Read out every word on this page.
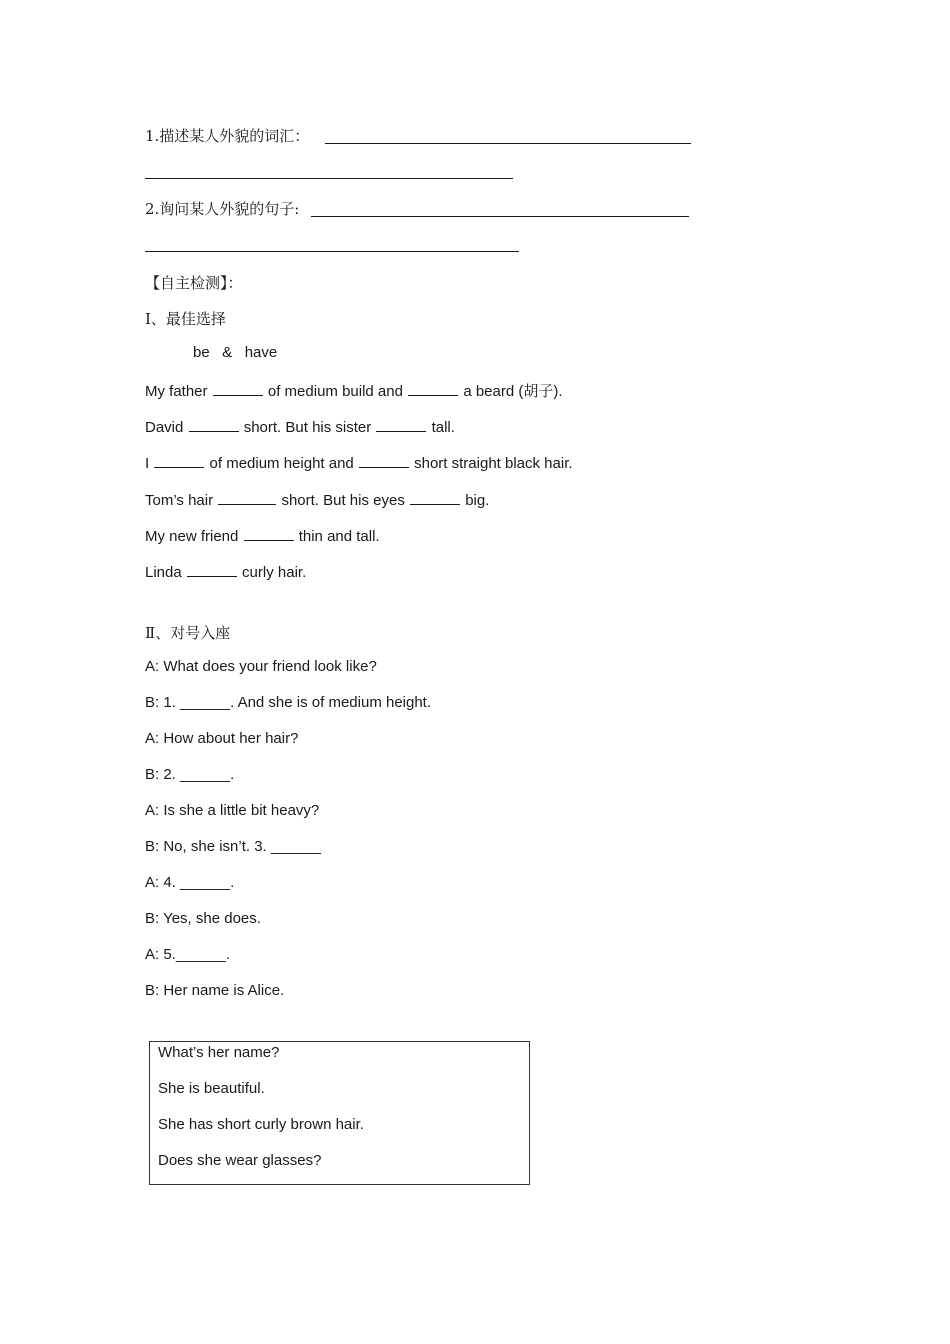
1.描述某人外貌的词汇：
2.询问某人外貌的句子:
【自主检测】：
Ⅰ、最佳选择
be   &   have
My father	of medium build and	a beard (胡子).
David	short. But his sister	tall.
I	of medium height and	short straight black hair.
Tom’s hair	short. But his eyes	big.
My new friend	thin and tall.
Linda	curly hair.
Ⅱ、对号入座
A: What does your friend look like?
B: 1. ______. And she is of medium height.
A: How about her hair?
B: 2. ______.
A: Is she a little bit heavy?
B: No, she isn’t. 3. ______
A: 4. ______.
B: Yes, she does.
A: 5.______.
B: Her name is Alice.
What’s her name?
She is beautiful.
She has short curly brown hair.
Does she wear glasses?
